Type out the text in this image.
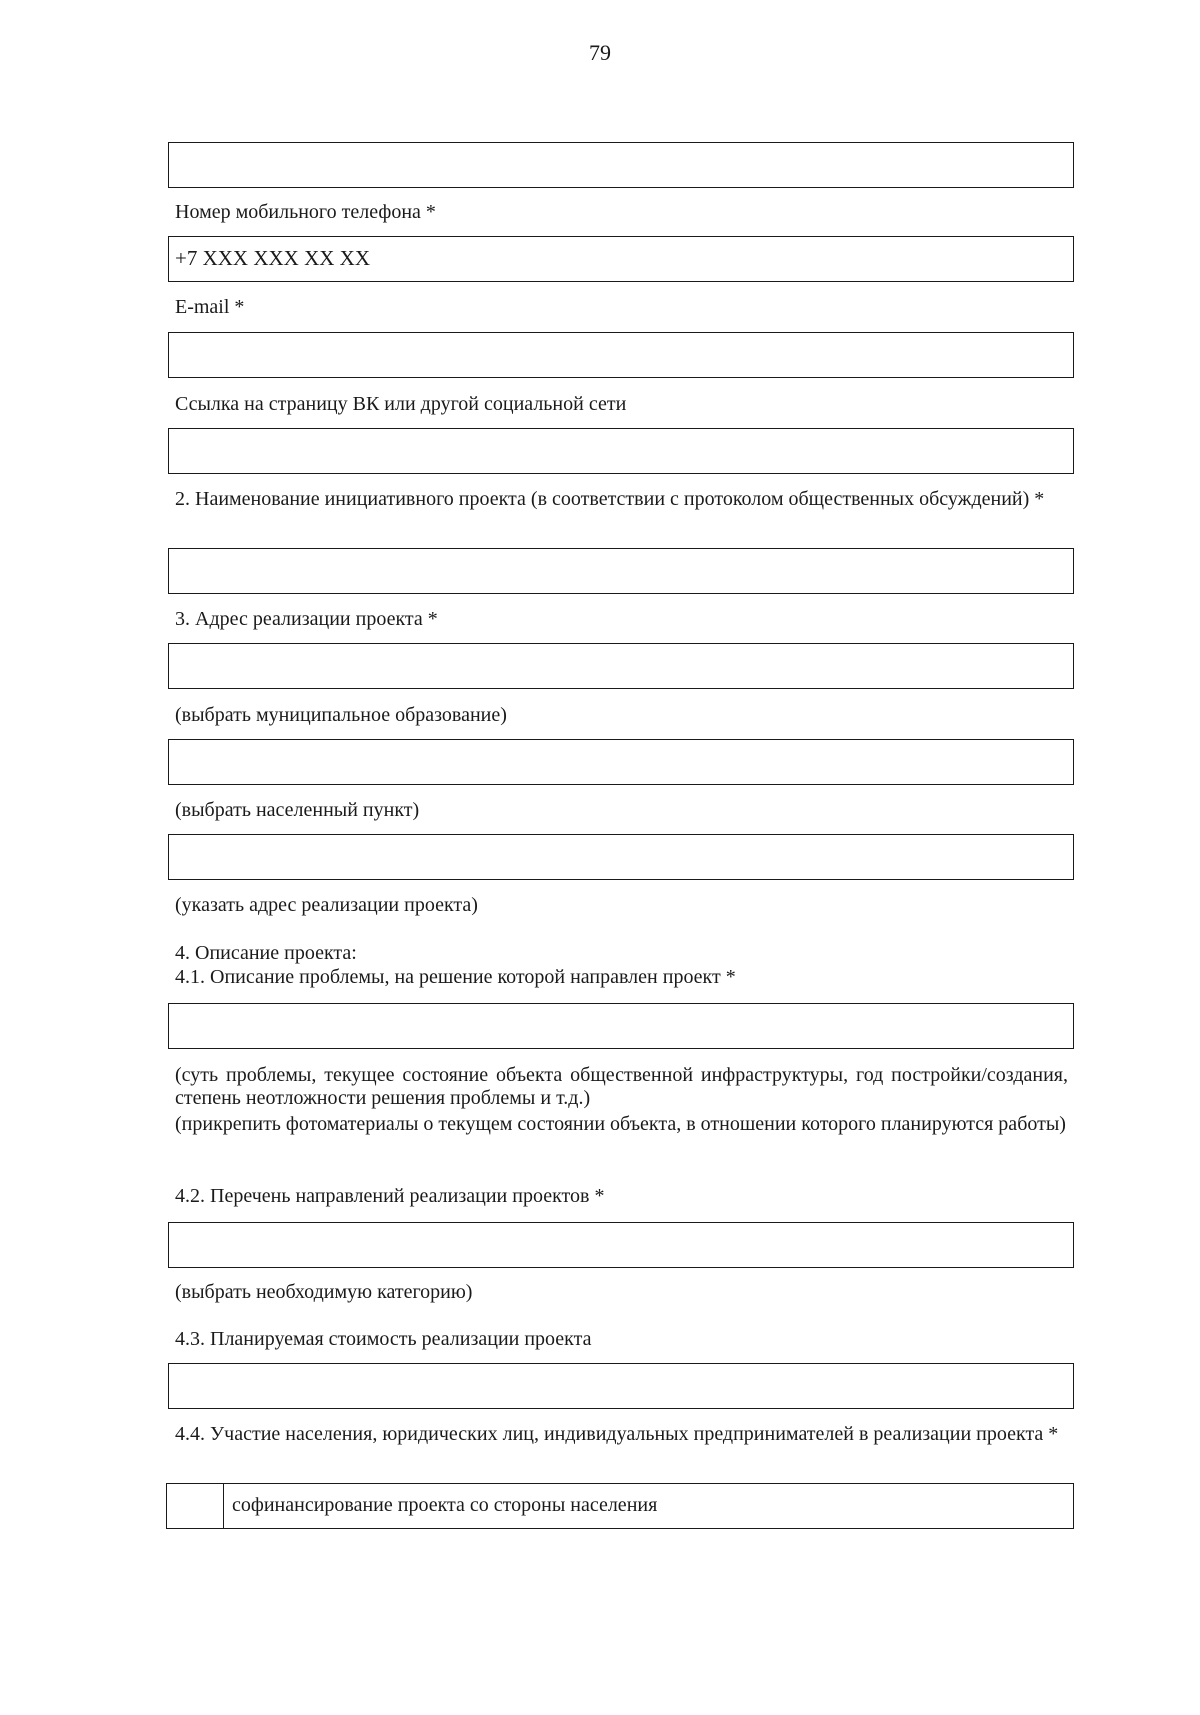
79
Номер мобильного телефона *
+7 XXX XXX XX XX
E-mail *
Ссылка на страницу ВК или другой социальной сети
2. Наименование инициативного проекта (в соответствии с протоколом общественных обсуждений) *
3. Адрес реализации проекта *
(выбрать муниципальное образование)
(выбрать населенный пункт)
(указать адрес реализации проекта)
4. Описание проекта:
4.1. Описание проблемы, на решение которой направлен проект *
(суть проблемы, текущее состояние объекта общественной инфраструктуры, год постройки/создания, степень неотложности решения проблемы и т.д.)
(прикрепить фотоматериалы о текущем состоянии объекта, в отношении которого планируются работы)
4.2. Перечень направлений реализации проектов *
(выбрать необходимую категорию)
4.3. Планируемая стоимость реализации проекта
4.4. Участие населения, юридических лиц, индивидуальных предпринимателей в реализации проекта *
софинансирование проекта со стороны населения
